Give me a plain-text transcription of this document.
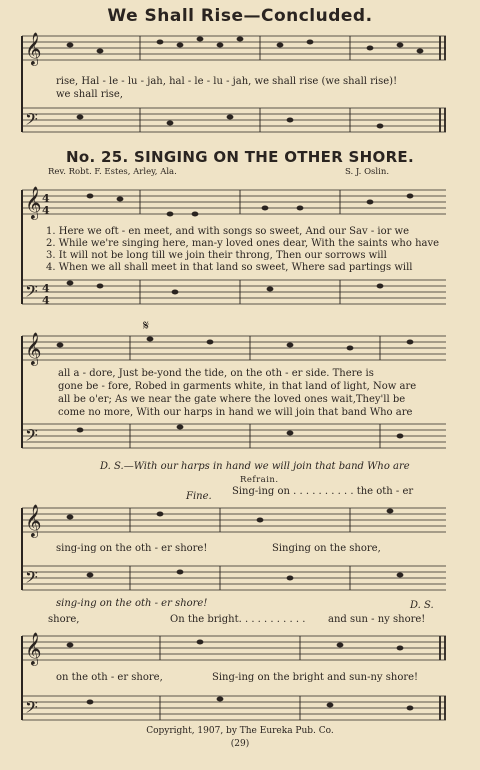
We Shall Rise—Concluded.
No. 25. SINGING ON THE OTHER SHORE.
Rev. Robt. F. Estes, Arley, Ala.	S. J. Oslin.
𝄞
𝄢
𝄞
𝄢
𝄞
𝄢
𝄞
𝄢
𝄞
𝄢
4
4
4
4
𝄋
rise, Hal - le - lu - jah, hal - le - lu - jah, we shall rise (we shall rise)!
we shall rise,
1. Here we oft - en meet, and with songs so sweet, And our Sav - ior we
2. While we're singing here, man-y loved ones dear, With the saints who have
3. It will not be long till we join their throng, Then our sorrows will
4. When we all shall meet in that land so sweet, Where sad partings will
all a - dore, Just be-yond the tide, on the oth - er side. There is
gone be - fore, Robed in garments white, in that land of light, Now are
all be o'er; As we near the gate where the loved ones wait,They'll be
come no more, With our harps in hand we will join that band Who are
D. S.—With our harps in hand we will join that band Who are
Refrain.
Fine. Sing-ing on . . . . . . . . . . the oth - er
sing-ing on the oth - er shore!	Singing on the shore,
sing-ing on the oth - er shore!
shore,	On the bright. . . . . . . . . . . and sun - ny shore!
D. S.
on the oth - er shore,	Sing-ing on the bright and sun-ny shore!
Copyright, 1907, by The Eureka Pub. Co.
(29)
